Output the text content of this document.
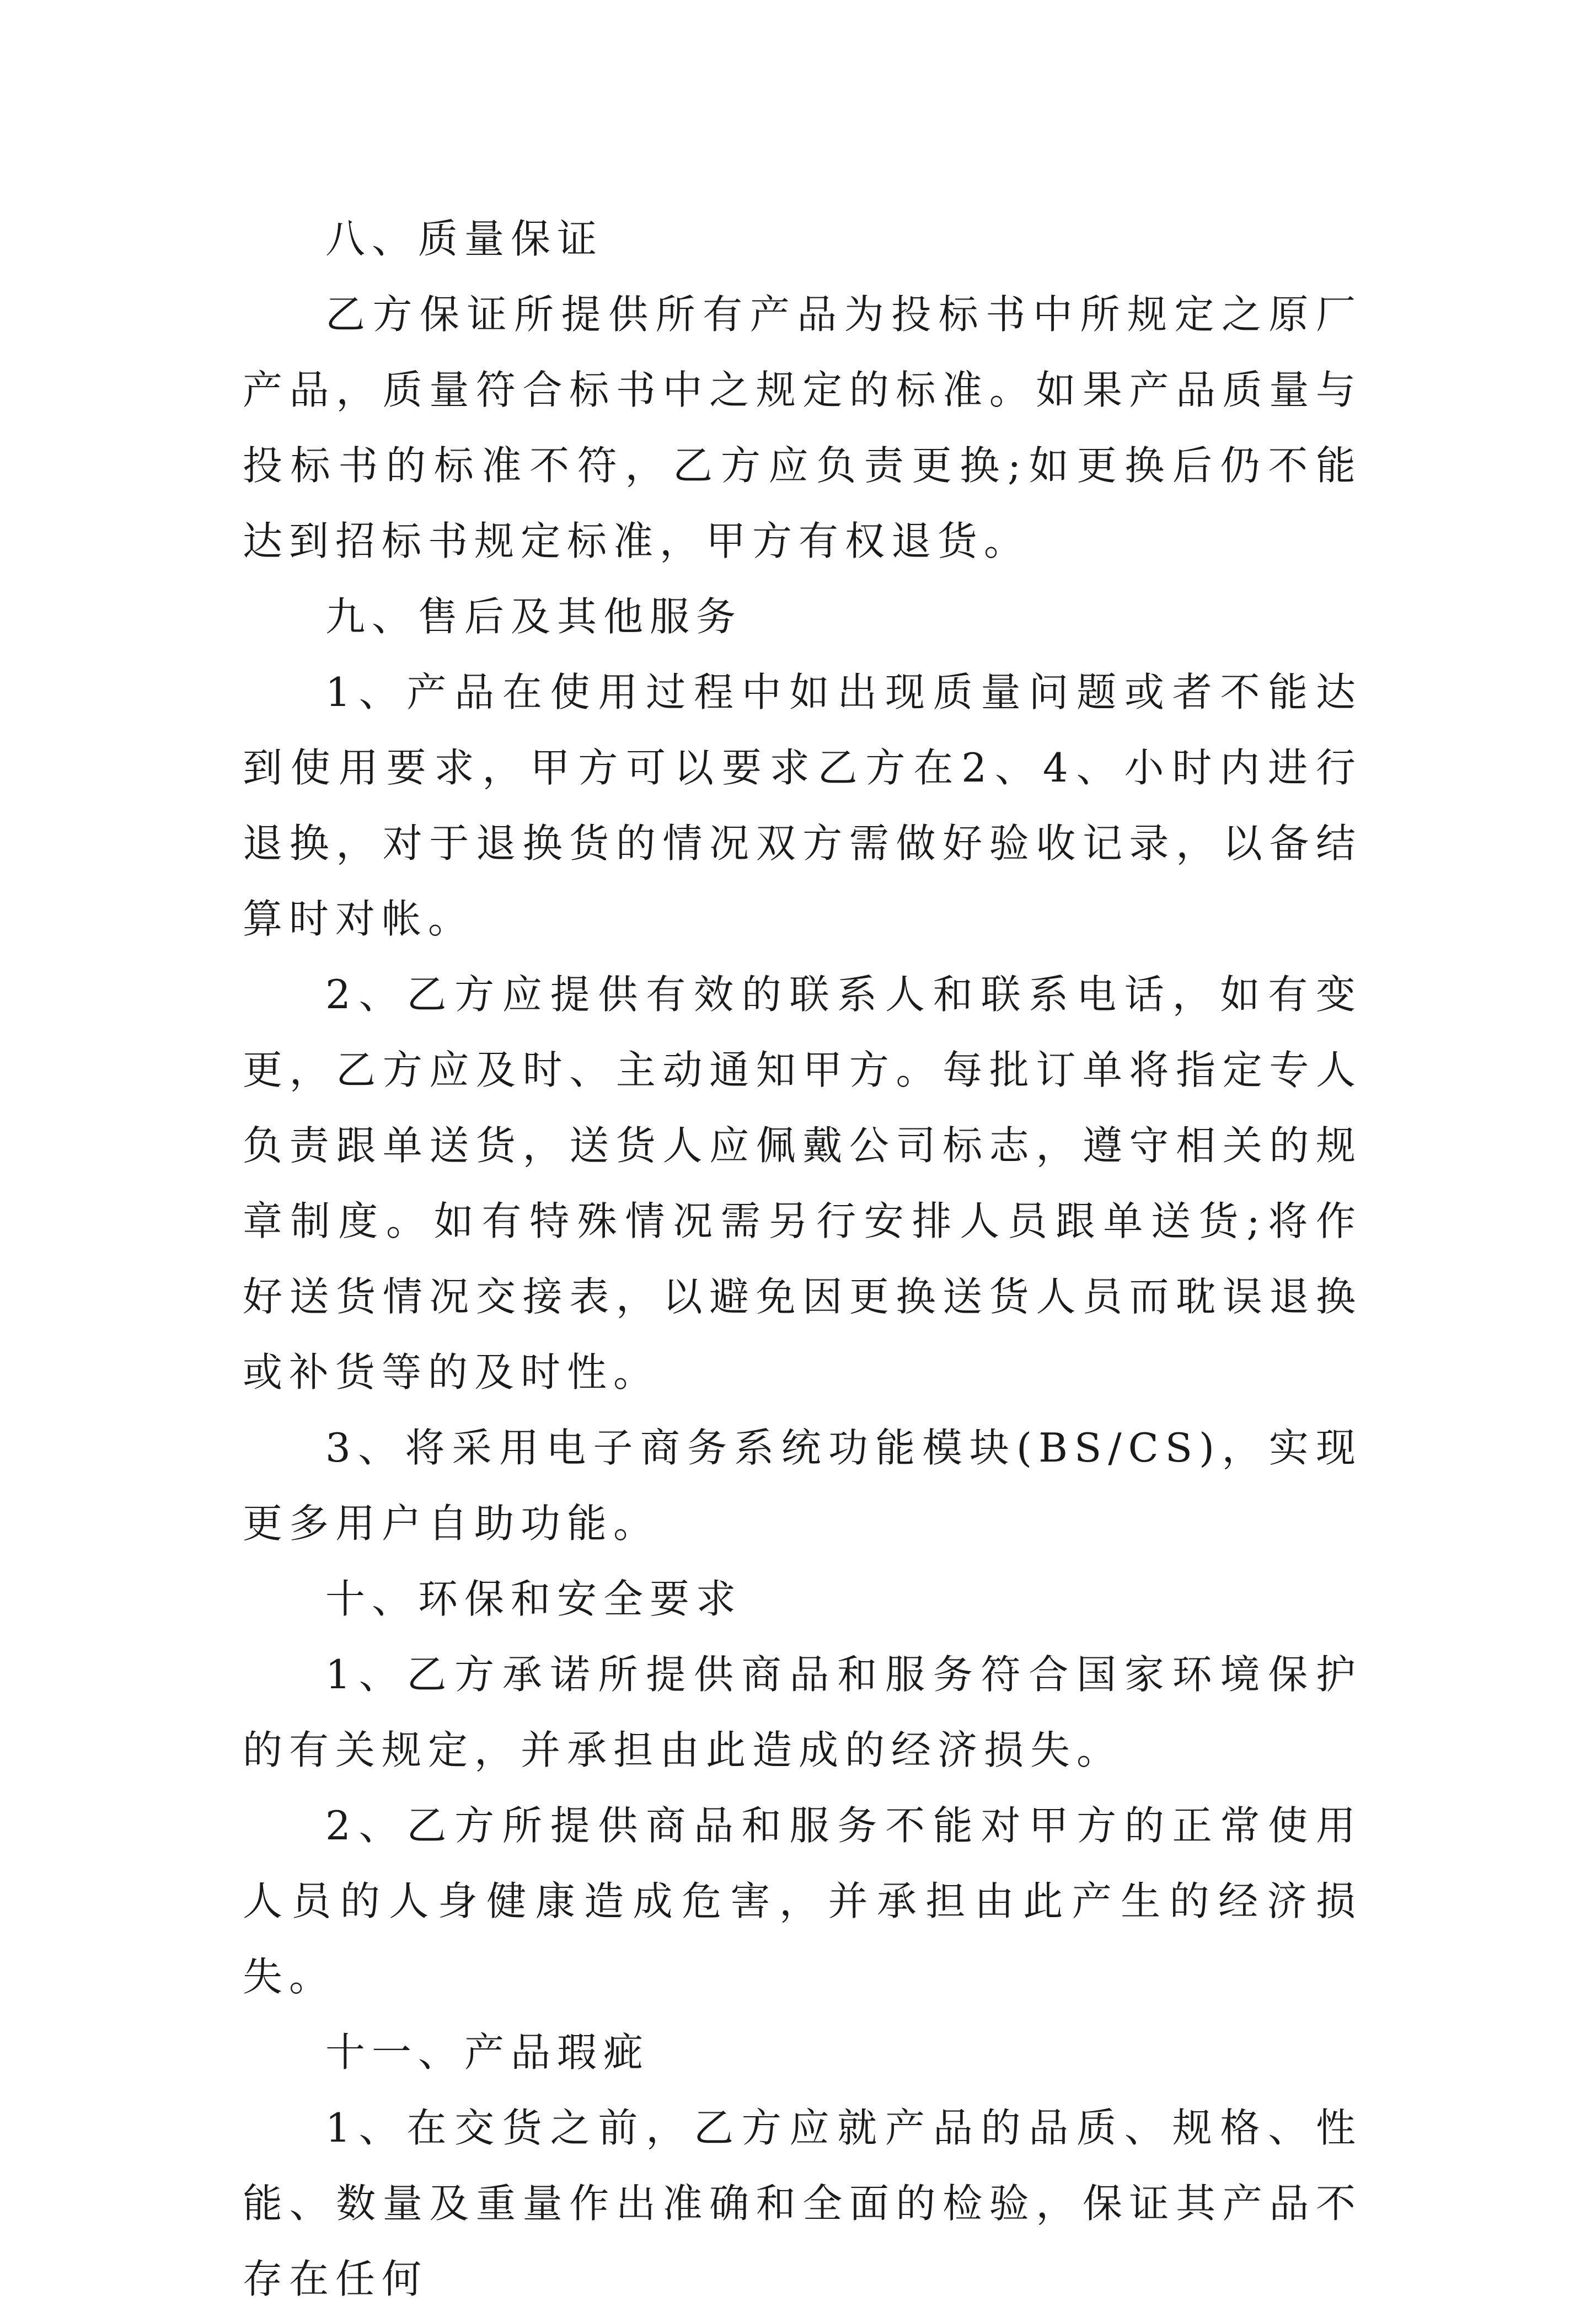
八、质量保证

乙方保证所提供所有产品为投标书中所规定之原厂产品，质量符合标书中之规定的标准。如果产品质量与投标书的标准不符，乙方应负责更换;如更换后仍不能达到招标书规定标准，甲方有权退货。

九、售后及其他服务

1、产品在使用过程中如出现质量问题或者不能达到使用要求，甲方可以要求乙方在2、4、小时内进行退换，对于退换货的情况双方需做好验收记录，以备结算时对帐。

2、乙方应提供有效的联系人和联系电话，如有变更，乙方应及时、主动通知甲方。每批订单将指定专人负责跟单送货，送货人应佩戴公司标志，遵守相关的规章制度。如有特殊情况需另行安排人员跟单送货;将作好送货情况交接表，以避免因更换送货人员而耽误退换或补货等的及时性。

3、将采用电子商务系统功能模块(BS/CS)，实现更多用户自助功能。

十、环保和安全要求

1、乙方承诺所提供商品和服务符合国家环境保护的有关规定，并承担由此造成的经济损失。

2、乙方所提供商品和服务不能对甲方的正常使用人员的人身健康造成危害，并承担由此产生的经济损失。

十一、产品瑕疵

1、在交货之前，乙方应就产品的品质、规格、性能、数量及重量作出准确和全面的检验，保证其产品不存在任何
